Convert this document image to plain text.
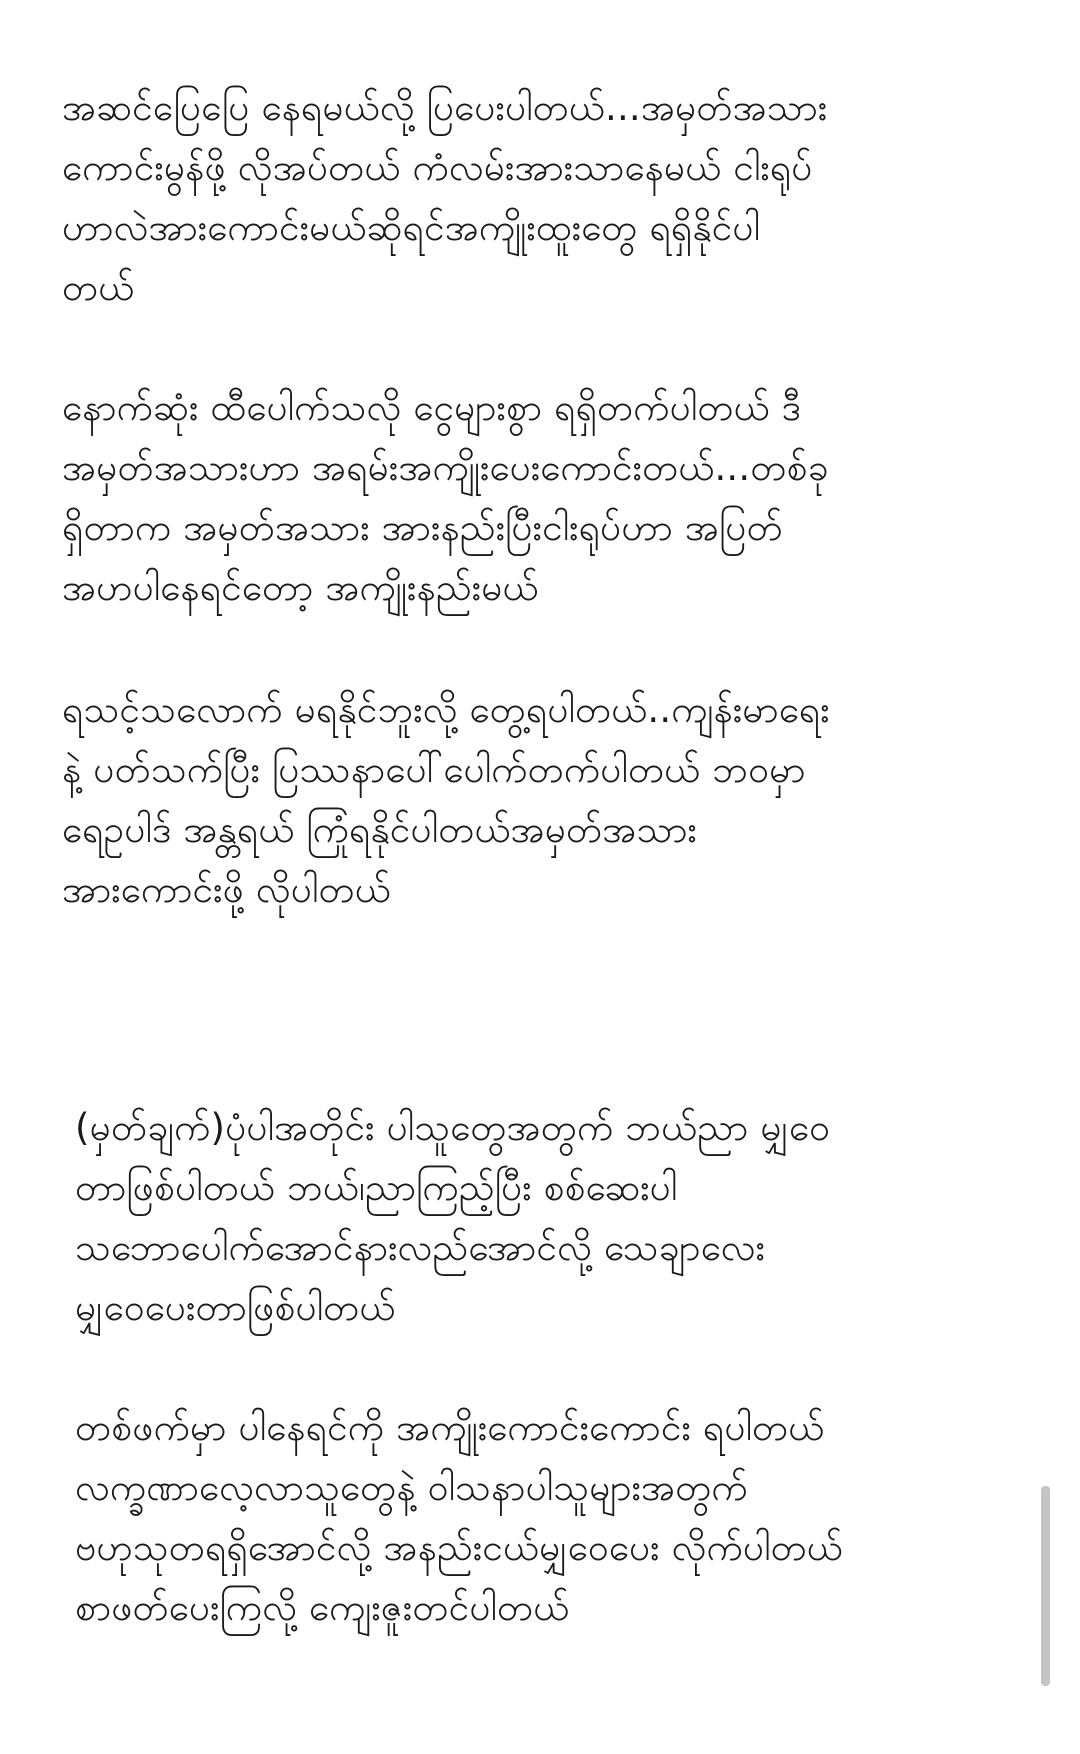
အဆင်ပြေပြေ နေရမယ်လို့ ပြပေးပါတယ်...အမှတ်အသား
ကောင်းမွန်ဖို့ လိုအပ်တယ် ကံလမ်းအားသာနေမယ် ငါးရုပ်
ဟာလဲအားကောင်းမယ်ဆိုရင်အကျိုးထူးတွေ ရရှိနိုင်ပါ
တယ်

နောက်ဆုံး ထီပေါက်သလို ငွေများစွာ ရရှိတက်ပါတယ် ဒီ
အမှတ်အသားဟာ အရမ်းအကျိုးပေးကောင်းတယ်...တစ်ခု
ရှိတာက အမှတ်အသား အားနည်းပြီးငါးရုပ်ဟာ အပြတ်
အဟပါနေရင်တော့ အကျိုးနည်းမယ်

ရသင့်သလောက် မရနိုင်ဘူးလို့ တွေ့ရပါတယ်..ကျန်းမာရေး
နဲ့ ပတ်သက်ပြီး ပြဿနာပေါ်ပေါက်တက်ပါတယ် ဘ၀မှာ
ရေဥပါဒ် အန္တရယ် ကြုံရနိုင်ပါတယ်အမှတ်အသား
အားကောင်းဖို့ လိုပါတယ်

(မှတ်ချက်)ပုံပါအတိုင်း ပါသူတွေအတွက် ဘယ်ညာ မျှဝေ
တာဖြစ်ပါတယ် ဘယ်၊ညာကြည့်ပြီး စစ်ဆေးပါ
သဘောပေါက်အောင်နားလည်အောင်လို့ သေချာလေး
မျှဝေပေးတာဖြစ်ပါတယ်

တစ်ဖက်မှာ ပါနေရင်ကို အကျိုးကောင်းကောင်း ရပါတယ်
လက္ခဏာလေ့လာသူတွေနဲ့ ဝါသနာပါသူများအတွက်
ဗဟုသုတရရှိအောင်လို့ အနည်းငယ်မျှဝေပေး လိုက်ပါတယ်
စာဖတ်ပေးကြလို့ ကျေးဇူးတင်ပါတယ်
